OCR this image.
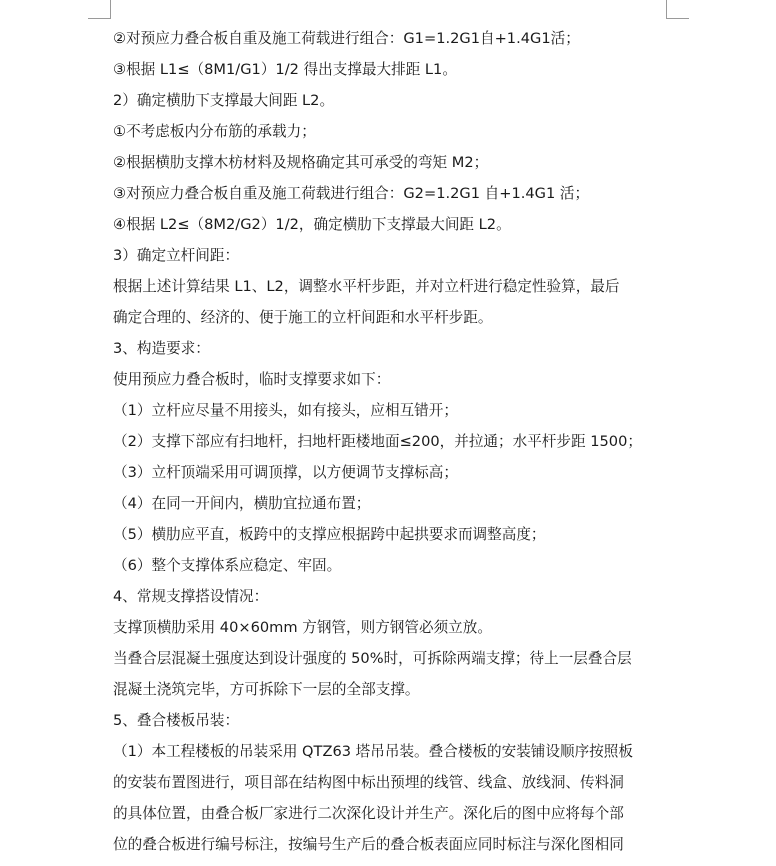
②对预应力叠合板自重及施工荷载进行组合：G1=1.2G1自+1.4G1活；
③根据 L1≤（8M1/G1）1/2 得出支撑最大排距 L1。
2）确定横肋下支撑最大间距 L2。
①不考虑板内分布筋的承载力；
②根据横肋支撑木枋材料及规格确定其可承受的弯矩 M2；
③对预应力叠合板自重及施工荷载进行组合：G2=1.2G1 自+1.4G1 活；
④根据 L2≤（8M2/G2）1/2，确定横肋下支撑最大间距 L2。
3）确定立杆间距：
根据上述计算结果 L1、L2，调整水平杆步距，并对立杆进行稳定性验算，最后
确定合理的、经济的、便于施工的立杆间距和水平杆步距。
3、构造要求：
使用预应力叠合板时，临时支撑要求如下：
（1）立杆应尽量不用接头，如有接头，应相互错开；
（2）支撑下部应有扫地杆，扫地杆距楼地面≤200，并拉通；水平杆步距 1500；
（3）立杆顶端采用可调顶撑，以方便调节支撑标高；
（4）在同一开间内，横肋宜拉通布置；
（5）横肋应平直，板跨中的支撑应根据跨中起拱要求而调整高度；
（6）整个支撑体系应稳定、牢固。
4、常规支撑搭设情况：
支撑顶横肋采用 40×60mm 方钢管，则方钢管必须立放。
当叠合层混凝土强度达到设计强度的 50%时，可拆除两端支撑；待上一层叠合层
混凝土浇筑完毕，方可拆除下一层的全部支撑。
5、叠合楼板吊装：
（1）本工程楼板的吊装采用 QTZ63 塔吊吊装。叠合楼板的安装铺设顺序按照板
的安装布置图进行，项目部在结构图中标出预埋的线管、线盒、放线洞、传料洞
的具体位置，由叠合板厂家进行二次深化设计并生产。深化后的图中应将每个部
位的叠合板进行编号标注，按编号生产后的叠合板表面应同时标注与深化图相同
